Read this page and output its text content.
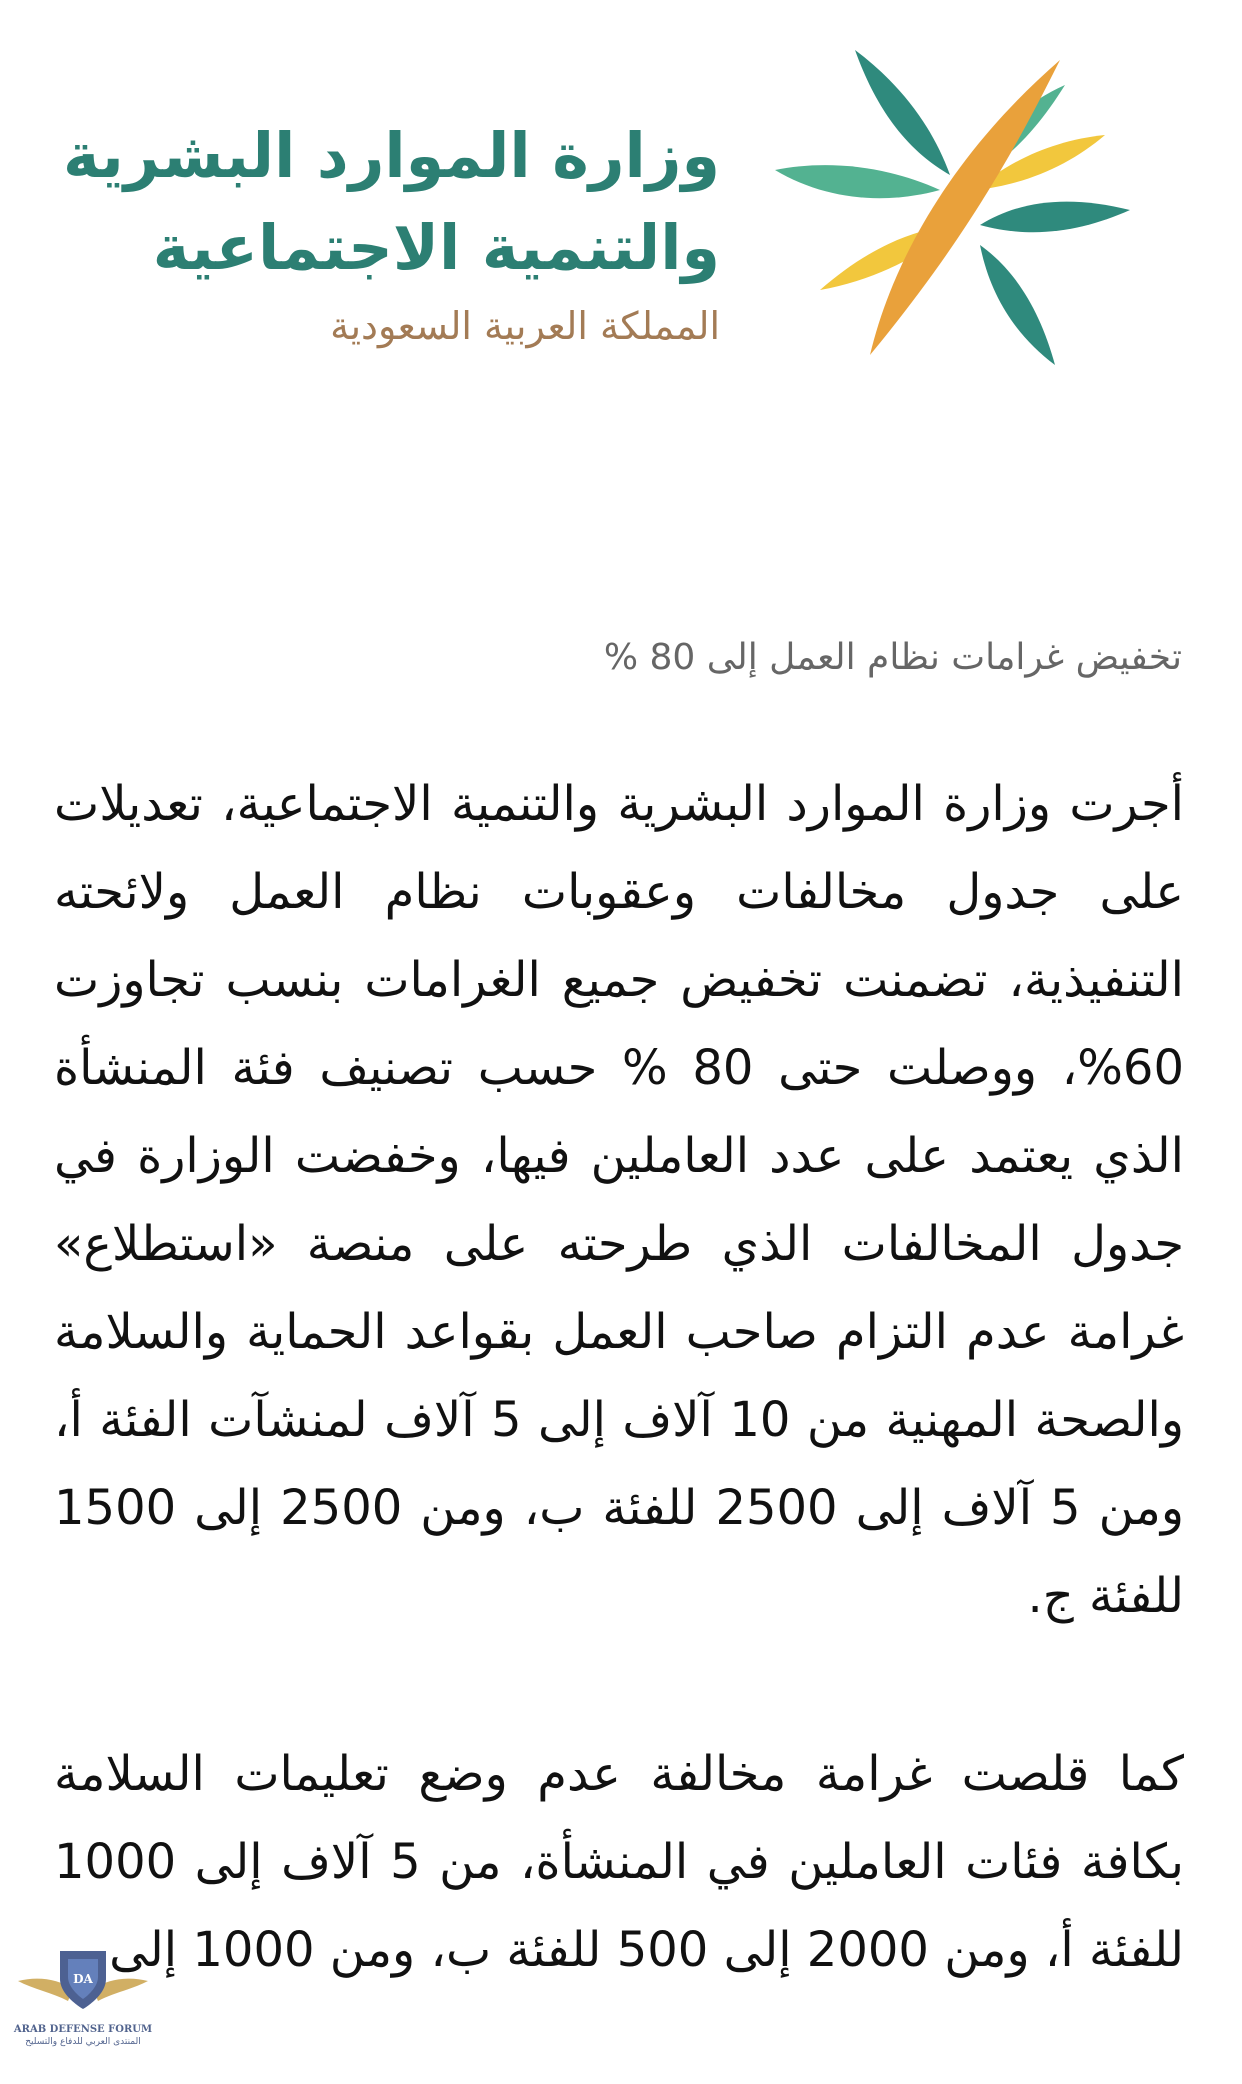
وزارة الموارد البشرية
والتنمية الاجتماعية
المملكة العربية السعودية
تخفيض غرامات نظام العمل إلى 80 %

أجرت وزارة الموارد البشرية والتنمية الاجتماعية، تعديلات على جدول مخالفات وعقوبات نظام العمل ولائحته التنفيذية، تضمنت تخفيض جميع الغرامات بنسب تجاوزت 60%، ووصلت حتى 80 % حسب تصنيف فئة المنشأة الذي يعتمد على عدد العاملين فيها، وخفضت الوزارة في جدول المخالفات الذي طرحته على منصة «استطلاع» غرامة عدم التزام صاحب العمل بقواعد الحماية والسلامة والصحة المهنية من 10 آلاف إلى 5 آلاف لمنشآت الفئة أ، ومن 5 آلاف إلى 2500 للفئة ب، ومن 2500 إلى 1500 للفئة ج.

كما قلصت غرامة مخالفة عدم وضع تعليمات السلامة بكافة فئات العاملين في المنشأة، من 5 آلاف إلى 1000 للفئة أ، ومن 2000 إلى 500 للفئة ب، ومن 1000 إلى

DA
ARAB DEFENSE FORUM
المنتدى العربي للدفاع والتسليح
